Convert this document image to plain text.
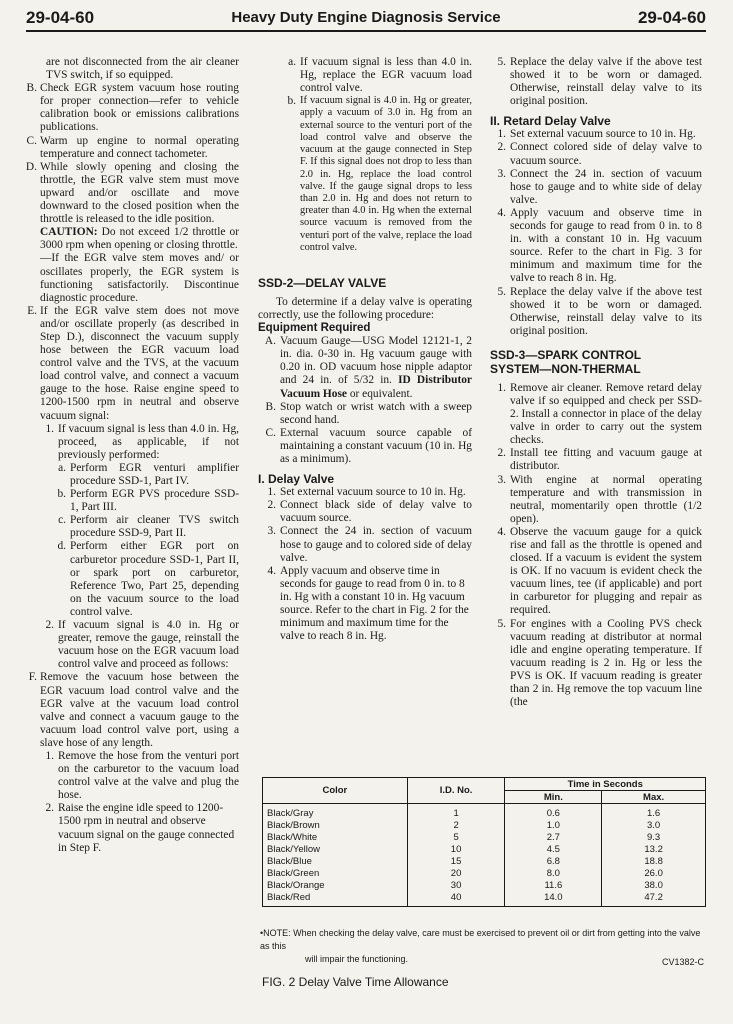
29-04-60	Heavy Duty Engine Diagnosis Service	29-04-60

are not disconnected from the air cleaner TVS switch, if so equipped.

B. Check EGR system vacuum hose routing for proper connection—refer to vehicle calibration book or emissions calibrations publications.

C. Warm up engine to normal operating temperature and connect tachometer.

D. While slowly opening and closing the throttle, the EGR valve stem must move upward and/or oscillate and move downward to the closed position when the throttle is released to the idle position.

CAUTION: Do not exceed 1/2 throttle or 3000 rpm when opening or closing throttle.

—If the EGR valve stem moves and/ or oscillates properly, the EGR system is functioning satisfactorily. Discontinue diagnostic procedure.

E. If the EGR valve stem does not move and/or oscillate properly (as described in Step D.), disconnect the vacuum supply hose between the EGR vacuum load control valve and the TVS, at the vacuum load control valve, and connect a vacuum gauge to the hose. Raise engine speed to 1200-1500 rpm in neutral and observe vacuum signal:

1. If vacuum signal is less than 4.0 in. Hg, proceed, as applicable, if not previously performed:

a. Perform EGR venturi amplifier procedure SSD-1, Part IV.

b. Perform EGR PVS procedure SSD-1, Part III.

c. Perform air cleaner TVS switch procedure SSD-9, Part II.

d. Perform either EGR port on carburetor procedure SSD-1, Part II, or spark port on carburetor, Reference Two, Part 25, depending on the vacuum source to the load control valve.

2. If vacuum signal is 4.0 in. Hg or greater, remove the gauge, reinstall the vacuum hose on the EGR vacuum load control valve and proceed as follows:

F. Remove the vacuum hose between the EGR vacuum load control valve and the EGR valve at the vacuum load control valve and connect a vacuum gauge to the vacuum load control valve port, using a slave hose of any length.

1. Remove the hose from the venturi port on the carburetor to the vacuum load control valve at the valve and plug the hose.

2. Raise the engine idle speed to 1200-1500 rpm in neutral and observe vacuum signal on the gauge connected in Step F.

a. If vacuum signal is less than 4.0 in. Hg, replace the EGR vacuum load control valve.

b. If vacuum signal is 4.0 in. Hg or greater, apply a vacuum of 3.0 in. Hg from an external source to the venturi port of the load control valve and observe the vacuum at the gauge connected in Step F. If this signal does not drop to less than 2.0 in. Hg, replace the load control valve. If the gauge signal drops to less than 2.0 in. Hg and does not return to greater than 4.0 in. Hg when the external source vacuum is removed from the venturi port of the valve, replace the load control valve.

SSD-2—DELAY VALVE

To determine if a delay valve is operating correctly, use the following procedure:

Equipment Required

A. Vacuum Gauge—USG Model 12121-1, 2 in. dia. 0-30 in. Hg vacuum gauge with 0.20 in. OD vacuum hose nipple adaptor and 24 in. of 5/32 in. ID Distributor Vacuum Hose or equivalent.

B. Stop watch or wrist watch with a sweep second hand.

C. External vacuum source capable of maintaining a constant vacuum (10 in. Hg as a minimum).

I. Delay Valve

1. Set external vacuum source to 10 in. Hg.

2. Connect black side of delay valve to vacuum source.

3. Connect the 24 in. section of vacuum hose to gauge and to colored side of delay valve.

4. Apply vacuum and observe time in seconds for gauge to read from 0 in. to 8 in. Hg with a constant 10 in. Hg vacuum source. Refer to the chart in Fig. 2 for the minimum and maximum time for the valve to reach 8 in. Hg.

5. Replace the delay valve if the above test showed it to be worn or damaged. Otherwise, reinstall delay valve to its original position.

II. Retard Delay Valve

1. Set external vacuum source to 10 in. Hg.

2. Connect colored side of delay valve to vacuum source.

3. Connect the 24 in. section of vacuum hose to gauge and to white side of delay valve.

4. Apply vacuum and observe time in seconds for gauge to read from 0 in. to 8 in. with a constant 10 in. Hg vacuum source. Refer to the chart in Fig. 3 for minimum and maximum time for the valve to reach 8 in. Hg.

5. Replace the delay valve if the above test showed it to be worn or damaged. Otherwise, reinstall delay valve to its original position.

SSD-3—SPARK CONTROL

SYSTEM—NON-THERMAL

1. Remove air cleaner. Remove retard delay valve if so equipped and check per SSD-2. Install a connector in place of the delay valve in order to carry out the system checks.

2. Install tee fitting and vacuum gauge at distributor.

3. With engine at normal operating temperature and with transmission in neutral, momentarily open throttle (1/2 open).

4. Observe the vacuum gauge for a quick rise and fall as the throttle is opened and closed. If a vacuum is evident the system is OK. If no vacuum is evident check the vacuum lines, tee (if applicable) and port in carburetor for plugging and repair as required.

5. For engines with a Cooling PVS check vacuum reading at distributor at normal idle and engine operating temperature. If vacuum reading is 2 in. Hg or less the PVS is OK. If vacuum reading is greater than 2 in. Hg remove the top vacuum line (the

Color	I.D. No.	Time in Seconds	
		Min.	Max.
Black/Gray	1	0.6	1.6
Black/Brown	2	1.0	3.0
Black/White	5	2.7	9.3
Black/Yellow	10	4.5	13.2
Black/Blue	15	6.8	18.8
Black/Green	20	8.0	26.0
Black/Orange	30	11.6	38.0
Black/Red	40	14.0	47.2
•NOTE: When checking the delay valve, care must be exercised to prevent oil or dirt from getting into the valve as this
will impair the functioning.	CV1382-C
FIG. 2 Delay Valve Time Allowance
